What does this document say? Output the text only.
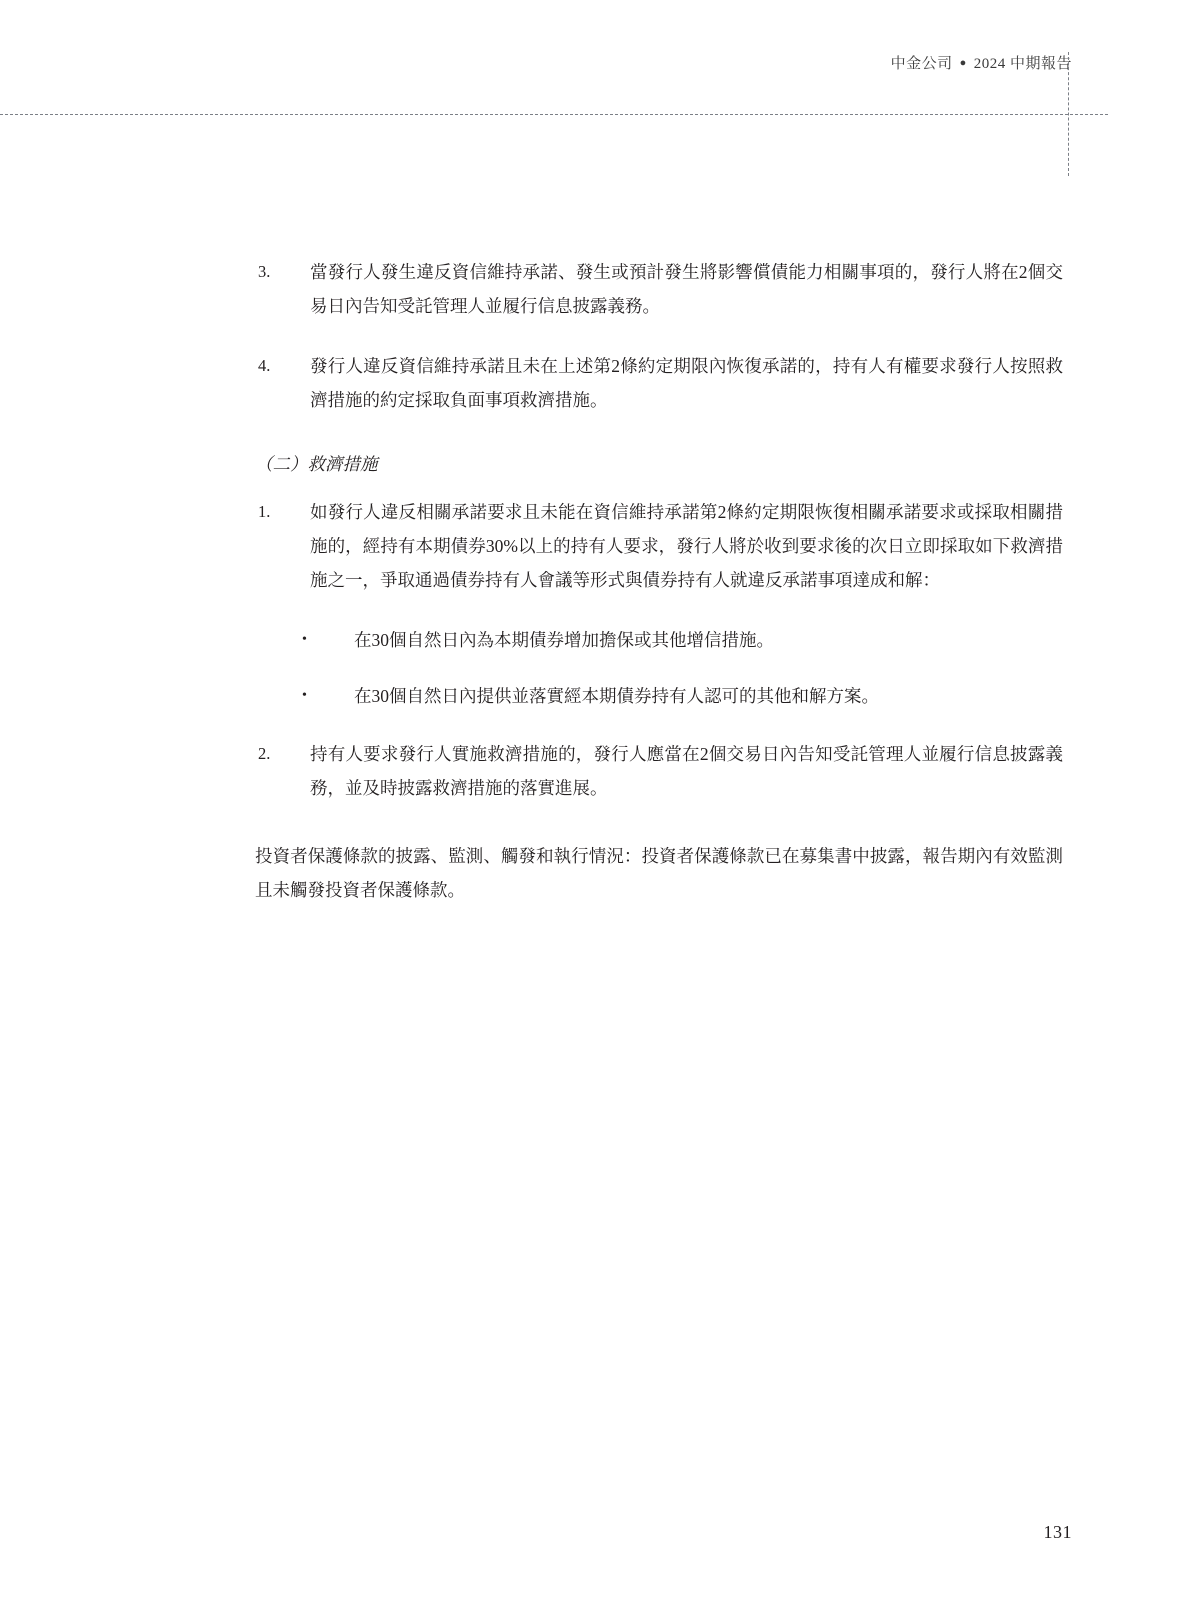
中金公司 ● 2024 中期報告
3.	當發行人發生違反資信維持承諾、發生或預計發生將影響償債能力相關事項的，發行人將在2個交易日內告知受託管理人並履行信息披露義務。
4.	發行人違反資信維持承諾且未在上述第2條約定期限內恢復承諾的，持有人有權要求發行人按照救濟措施的約定採取負面事項救濟措施。
（二）救濟措施
1.	如發行人違反相關承諾要求且未能在資信維持承諾第2條約定期限恢復相關承諾要求或採取相關措施的，經持有本期債券30%以上的持有人要求，發行人將於收到要求後的次日立即採取如下救濟措施之一，爭取通過債券持有人會議等形式與債券持有人就違反承諾事項達成和解：
•	在30個自然日內為本期債券增加擔保或其他增信措施。
•	在30個自然日內提供並落實經本期債券持有人認可的其他和解方案。
2.	持有人要求發行人實施救濟措施的，發行人應當在2個交易日內告知受託管理人並履行信息披露義務，並及時披露救濟措施的落實進展。
投資者保護條款的披露、監測、觸發和執行情況：投資者保護條款已在募集書中披露，報告期內有效監測且未觸發投資者保護條款。
131
